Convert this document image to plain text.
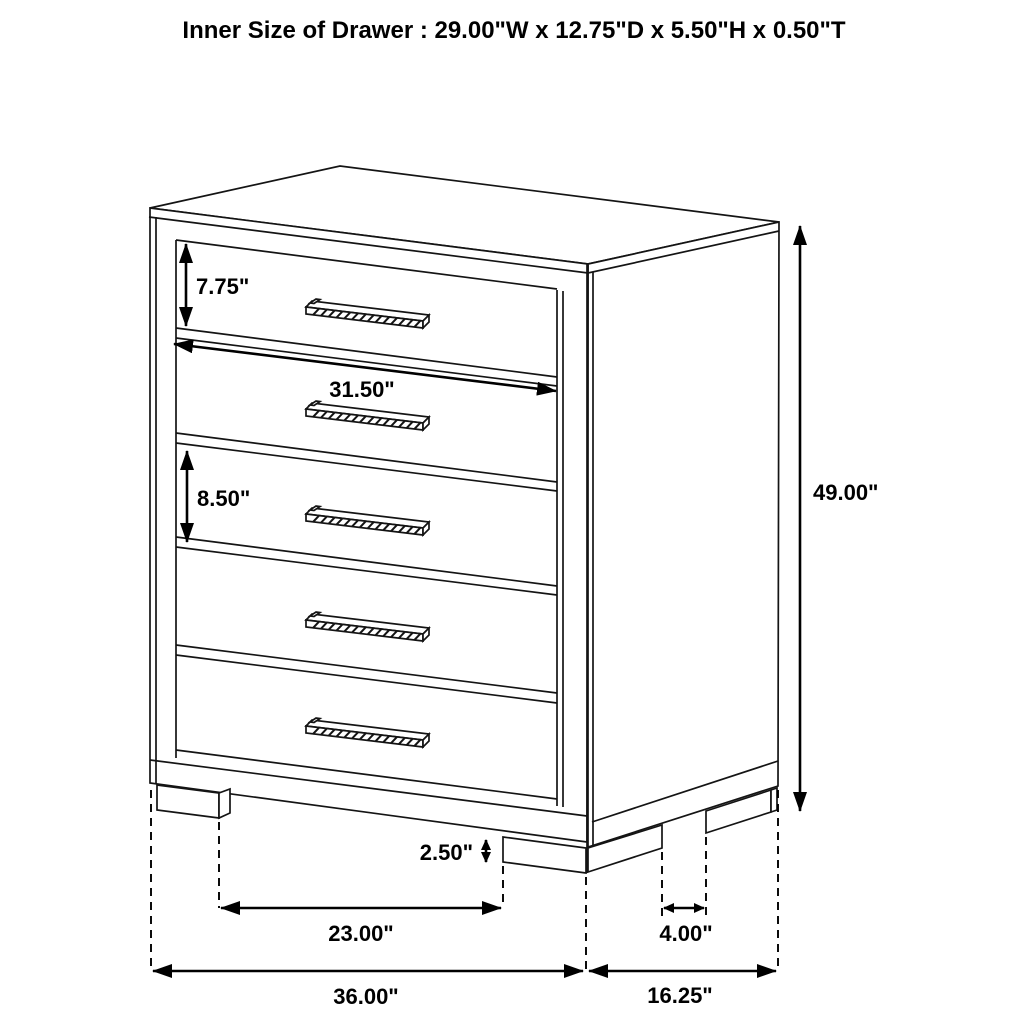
Inner Size of Drawer : 29.00"W x 12.75"D x 5.50"H x 0.50"T
7.75"
31.50"
8.50"	49.00"
2.50"
23.00"	4.00"
36.00"	16.25"
